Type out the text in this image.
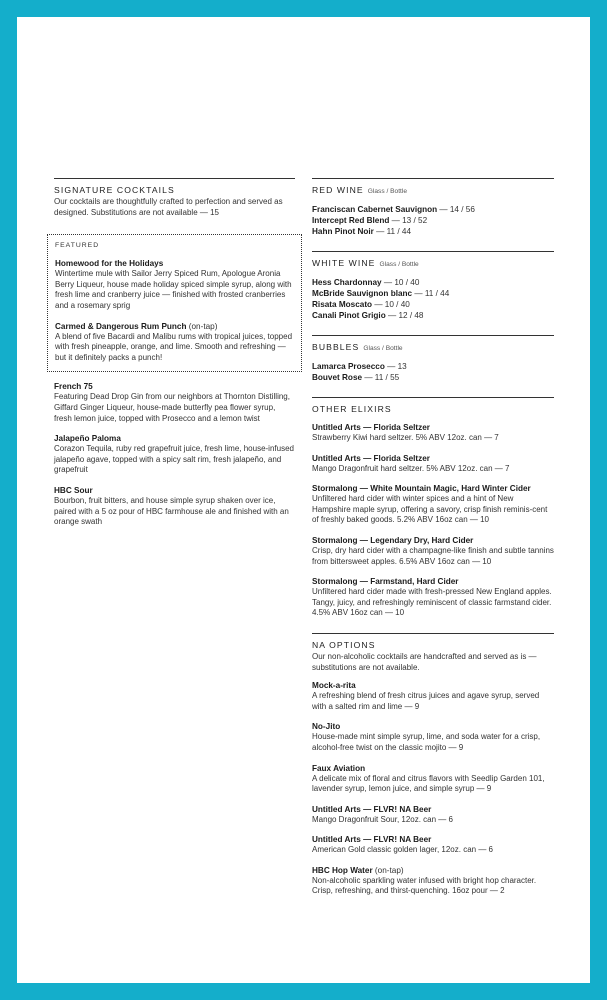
SIGNATURE COCKTAILS
Our cocktails are thoughtfully crafted to perfection and served as designed. Substitutions are not available — 15
FEATURED
Homewood for the Holidays
Wintertime mule with Sailor Jerry Spiced Rum, Apologue Aronia Berry Liqueur, house made holiday spiced simple syrup, along with fresh lime and cranberry juice — finished with frosted cranberries and a rosemary sprig
Carmed & Dangerous Rum Punch (on-tap)
A blend of five Bacardi and Malibu rums with tropical juices, topped with fresh pineapple, orange, and lime. Smooth and refreshing — but it definitely packs a punch!
French 75
Featuring Dead Drop Gin from our neighbors at Thornton Distilling, Giffard Ginger Liqueur, house-made butterfly pea flower syrup, fresh lemon juice, topped with Prosecco and a lemon twist
Jalapeño Paloma
Corazon Tequila, ruby red grapefruit juice, fresh lime, house-infused jalapeño agave, topped with a spicy salt rim, fresh jalapeño, and grapefruit
HBC Sour
Bourbon, fruit bitters, and house simple syrup shaken over ice, paired with a 5 oz pour of HBC farmhouse ale and finished with an orange swath
RED WINE Glass / Bottle
Franciscan Cabernet Sauvignon — 14 / 56
Intercept Red Blend — 13 / 52
Hahn Pinot Noir — 11 / 44
WHITE WINE Glass / Bottle
Hess Chardonnay — 10 / 40
McBride Sauvignon blanc — 11 / 44
Risata Moscato — 10 / 40
Canali Pinot Grigio — 12 / 48
BUBBLES Glass / Bottle
Lamarca Prosecco — 13
Bouvet Rose — 11 / 55
OTHER ELIXIRS
Untitled Arts — Florida Seltzer
Strawberry Kiwi hard seltzer. 5% ABV 12oz. can — 7
Untitled Arts — Florida Seltzer
Mango Dragonfruit hard seltzer. 5% ABV 12oz. can — 7
Stormalong — White Mountain Magic, Hard Winter Cider
Unfiltered hard cider with winter spices and a hint of New Hampshire maple syrup, offering a savory, crisp finish reminis-cent of freshly baked goods. 5.2% ABV 16oz can — 10
Stormalong — Legendary Dry, Hard Cider
Crisp, dry hard cider with a champagne-like finish and subtle tannins from bittersweet apples. 6.5% ABV 16oz can — 10
Stormalong — Farmstand, Hard Cider
Unfiltered hard cider made with fresh-pressed New England apples. Tangy, juicy, and refreshingly reminiscent of classic farmstand cider. 4.5% ABV 16oz can — 10
NA OPTIONS
Our non-alcoholic cocktails are handcrafted and served as is — substitutions are not available.
Mock-a-rita
A refreshing blend of fresh citrus juices and agave syrup, served with a salted rim and lime — 9
No-Jito
House-made mint simple syrup, lime, and soda water for a crisp, alcohol-free twist on the classic mojito — 9
Faux Aviation
A delicate mix of floral and citrus flavors with Seedlip Garden 101, lavender syrup, lemon juice, and simple syrup — 9
Untitled Arts — FLVR! NA Beer
Mango Dragonfruit Sour, 12oz. can — 6
Untitled Arts — FLVR! NA Beer
American Gold classic golden lager, 12oz. can — 6
HBC Hop Water (on-tap)
Non-alcoholic sparkling water infused with bright hop character. Crisp, refreshing, and thirst-quenching. 16oz pour — 2
